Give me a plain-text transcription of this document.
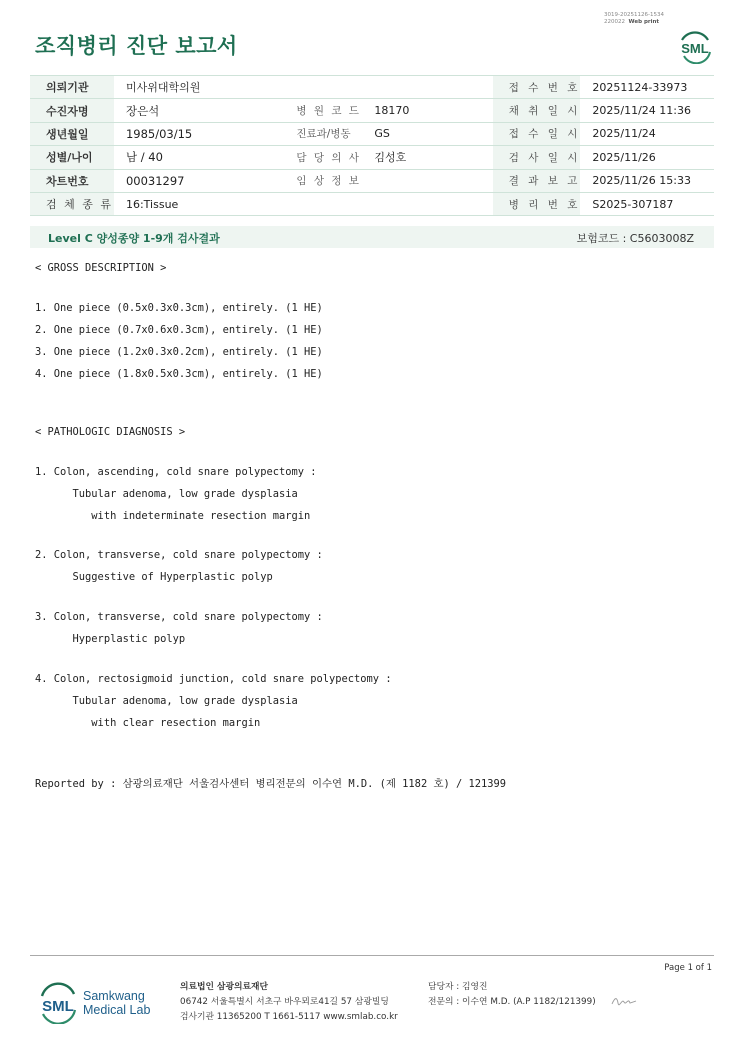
3019-20251126-1534
220022 Web print
조직병리 진단 보고서	SML
의뢰기관	미사위대학의원			접 수 번 호	20251124-33973
수진자명	장은석	병 원 코 드	18170	채 취 일 시	2025/11/24 11:36
생년월일	1985/03/15	진료과/병동	GS	접 수 일 시	2025/11/24
성별/나이	남 / 40	담 당 의 사	김성호	검 사 일 시	2025/11/26
차트번호	00031297	임 상 정 보		결 과 보 고	2025/11/26 15:33
검 체 종 류	16:Tissue			병 리 번 호	S2025-307187
Level C 양성종양 1-9개 검사결과	보험코드 : C5603008Z
< GROSS DESCRIPTION >
1. One piece (0.5x0.3x0.3cm), entirely. (1 HE)
2. One piece (0.7x0.6x0.3cm), entirely. (1 HE)
3. One piece (1.2x0.3x0.2cm), entirely. (1 HE)
4. One piece (1.8x0.5x0.3cm), entirely. (1 HE)
< PATHOLOGIC DIAGNOSIS >
1. Colon, ascending, cold snare polypectomy :
Tubular adenoma, low grade dysplasia
with indeterminate resection margin
2. Colon, transverse, cold snare polypectomy :
Suggestive of Hyperplastic polyp
3. Colon, transverse, cold snare polypectomy :
Hyperplastic polyp
4. Colon, rectosigmoid junction, cold snare polypectomy :
Tubular adenoma, low grade dysplasia
with clear resection margin
Reported by : 삼광의료재단 서울검사센터 병리전문의 이수연 M.D. (제 1182 호) / 121399
Page 1 of 1
SML
Samkwang
Medical Lab
의료법인 삼광의료재단
06742 서울특별시 서초구 바우뫼로41길 57 삼광빌딩
검사기관 11365200 T 1661-5117 www.smlab.co.kr
담당자 : 김영진
전문의 : 이수연 M.D. (A.P 1182/121399)
